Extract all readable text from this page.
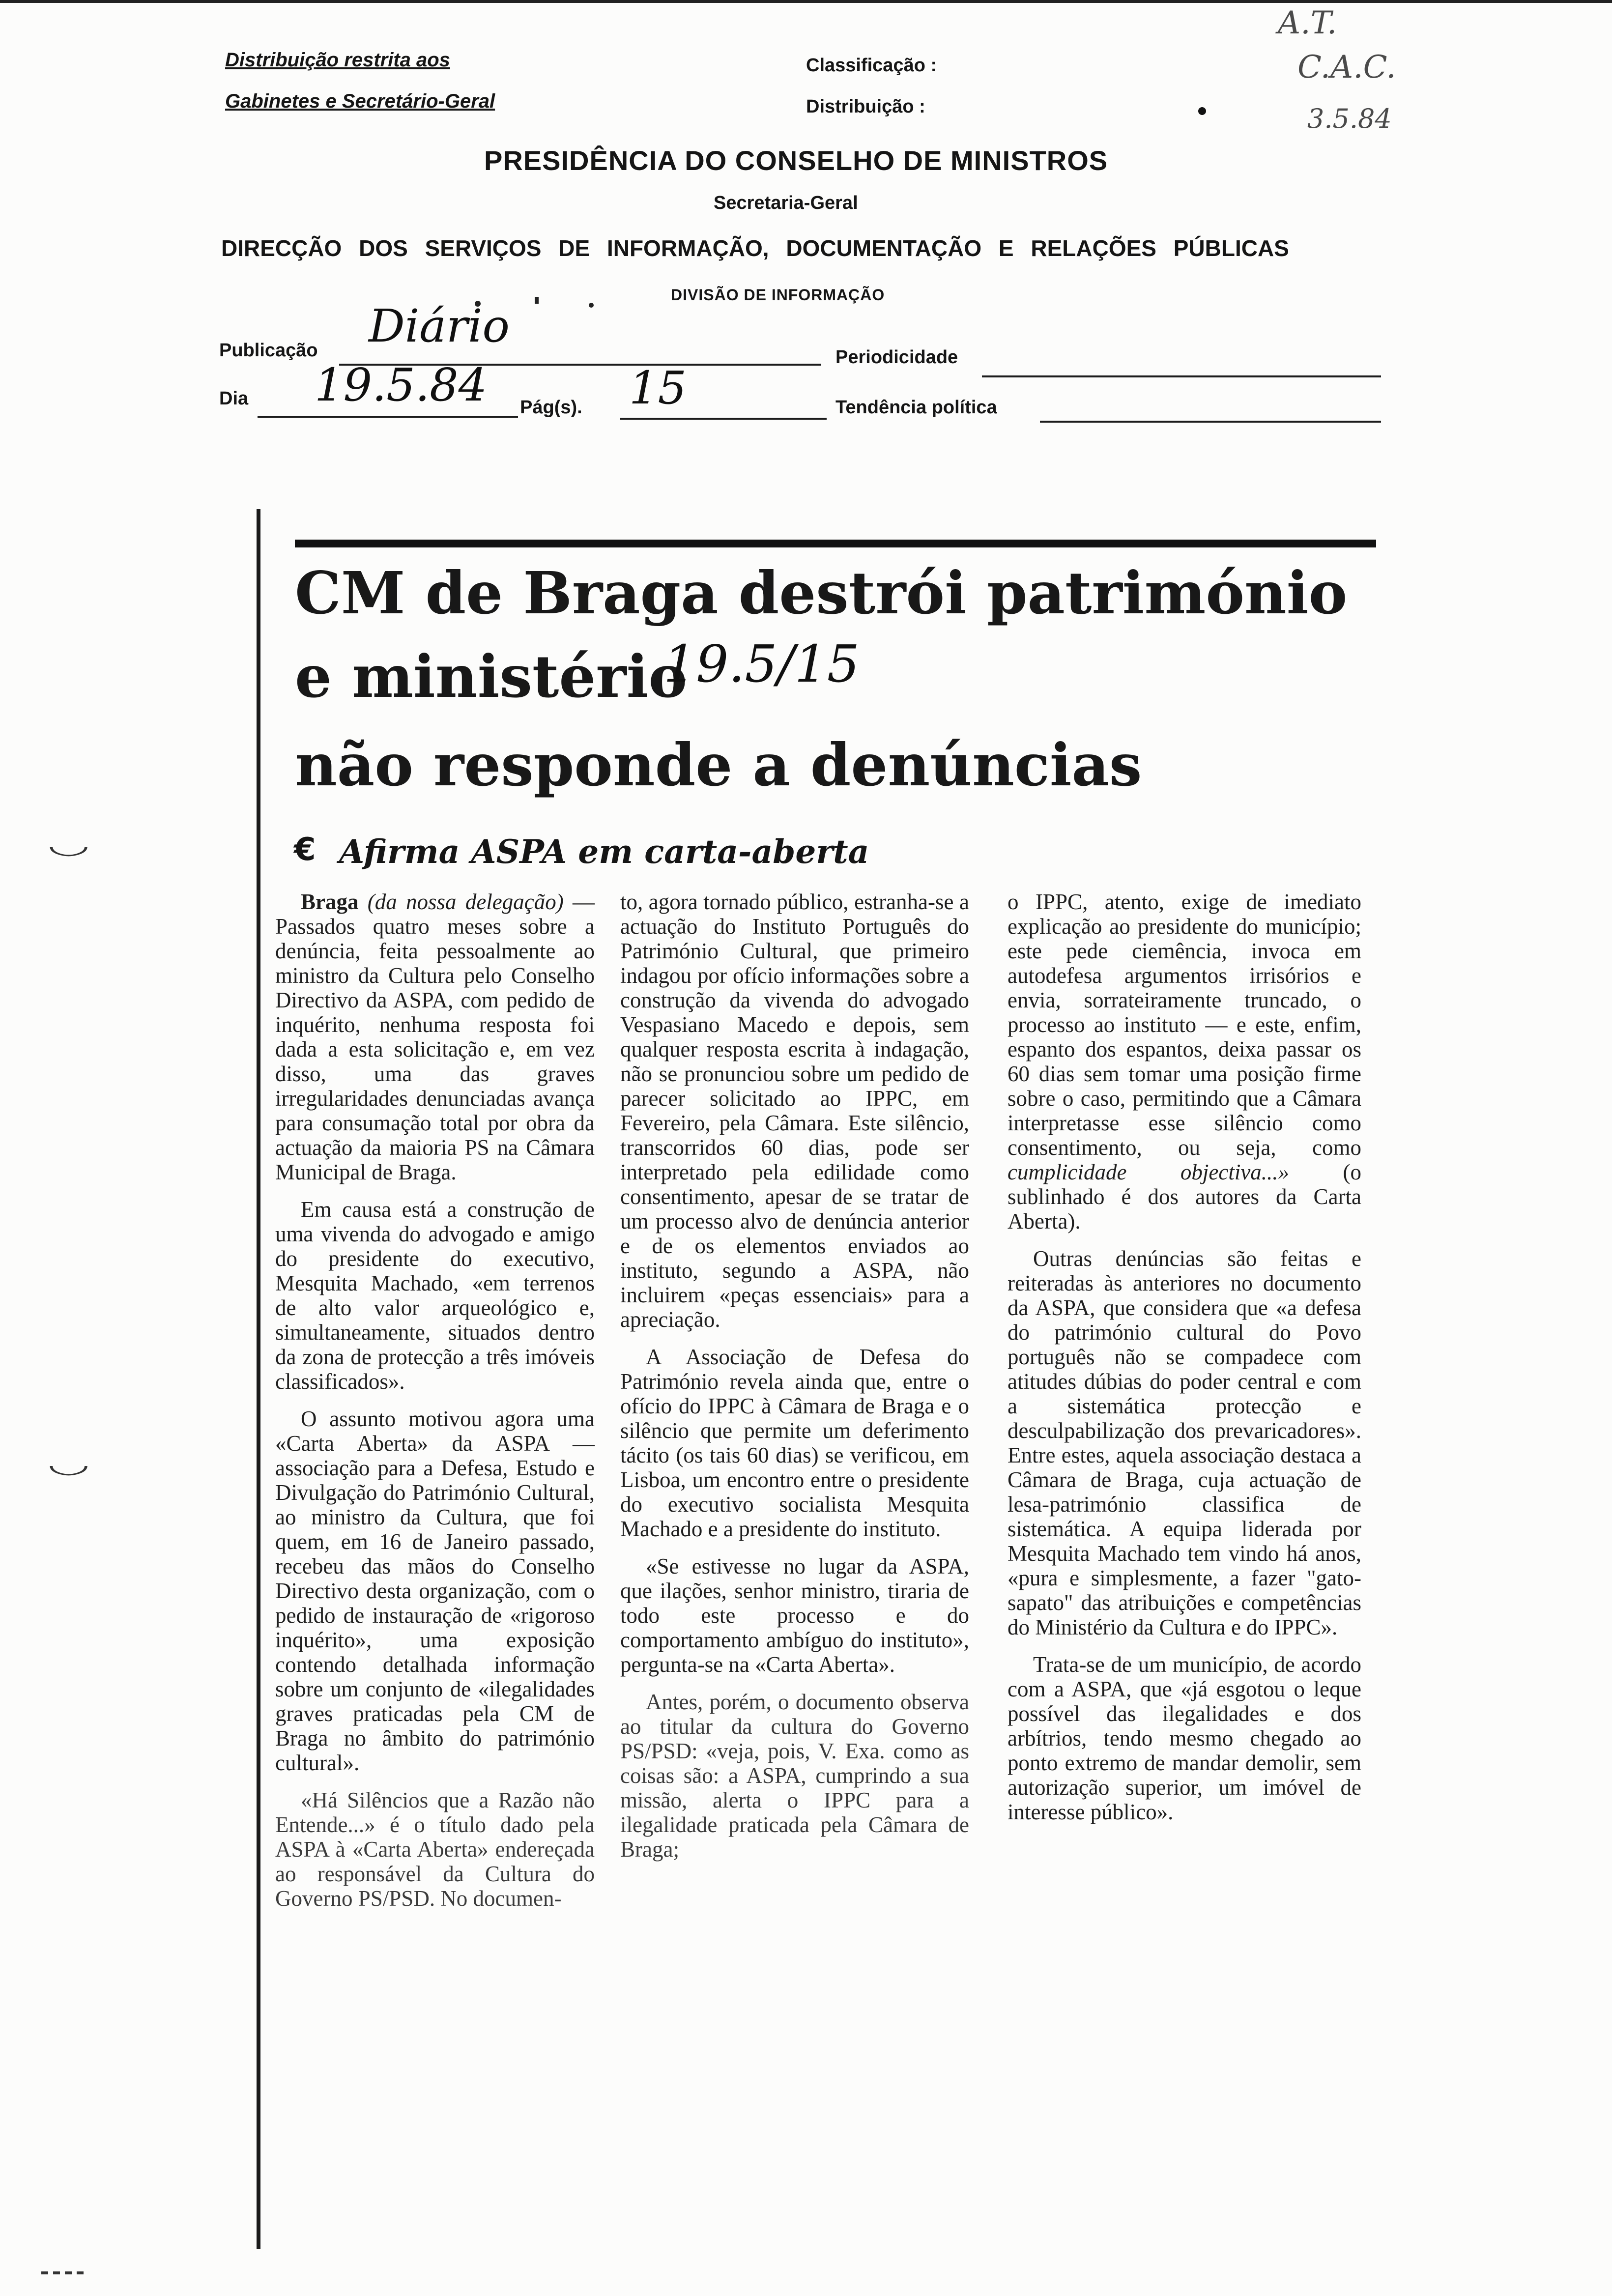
Distribuição restrita aos
Gabinetes e Secretário-Geral
Classificação :
Distribuição :
A.T.
C.A.C.
3.5.84
PRESIDÊNCIA DO CONSELHO DE MINISTROS
Secretaria-Geral
DIRECÇÃO DOS SERVIÇOS DE INFORMAÇÃO, DOCUMENTAÇÃO E RELAÇÕES PÚBLICAS
DIVISÃO DE INFORMAÇÃO
Publicação Diário
Periodicidade
Dia 19.5.84 Pág(s). 15	Tendência política
◡
◡
CM de Braga destrói património
e ministério
19.5/15
não responde a denúncias
€ Afirma ASPA em carta-aberta

Braga (da nossa delegação) — Passados quatro meses sobre a denúncia, feita pessoalmente ao ministro da Cultura pelo Conselho Directivo da ASPA, com pedido de inquérito, nenhuma resposta foi dada a esta solicitação e, em vez disso, uma das graves irregularidades denunciadas avança para consumação total por obra da actuação da maioria PS na Câmara Municipal de Braga.

Em causa está a construção de uma vivenda do advogado e amigo do presidente do executivo, Mesquita Machado, «em terrenos de alto valor arqueológico e, simultaneamente, situados dentro da zona de protecção a três imóveis classificados».

O assunto motivou agora uma «Carta Aberta» da ASPA —associação para a Defesa, Estudo e Divulgação do Património Cultural, ao ministro da Cultura, que foi quem, em 16 de Janeiro passado, recebeu das mãos do Conselho Directivo desta organização, com o pedido de instauração de «rigoroso inquérito», uma exposição contendo detalhada informação sobre um conjunto de «ilegalidades graves praticadas pela CM de Braga no âmbito do património cultural».

«Há Silêncios que a Razão não Entende...» é o título dado pela ASPA à «Carta Aberta» endereçada ao responsável da Cultura do Governo PS/PSD. No documen-

to, agora tornado público, estranha-se a actuação do Instituto Português do Património Cultural, que primeiro indagou por ofício informações sobre a construção da vivenda do advogado Vespasiano Macedo e depois, sem qualquer resposta escrita à indagação, não se pronunciou sobre um pedido de parecer solicitado ao IPPC, em Fevereiro, pela Câmara. Este silêncio, transcorridos 60 dias, pode ser interpretado pela edilidade como consentimento, apesar de se tratar de um processo alvo de denúncia anterior e de os elementos enviados ao instituto, segundo a ASPA, não incluirem «peças essenciais» para a apreciação.

A Associação de Defesa do Património revela ainda que, entre o ofício do IPPC à Câmara de Braga e o silêncio que permite um deferimento tácito (os tais 60 dias) se verificou, em Lisboa, um encontro entre o presidente do executivo socialista Mesquita Machado e a presidente do instituto.

«Se estivesse no lugar da ASPA, que ilações, senhor ministro, tiraria de todo este processo e do comportamento ambíguo do instituto», pergunta-se na «Carta Aberta».

Antes, porém, o documento observa ao titular da cultura do Governo PS/PSD: «veja, pois, V. Exa. como as coisas são: a ASPA, cumprindo a sua missão, alerta o IPPC para a ilegalidade praticada pela Câmara de Braga;

o IPPC, atento, exige de imediato explicação ao presidente do município; este pede ciemência, invoca em autodefesa argumentos irrisórios e envia, sorrateiramente truncado, o processo ao instituto — e este, enfim, espanto dos espantos, deixa passar os 60 dias sem tomar uma posição firme sobre o caso, permitindo que a Câmara interpretasse esse silêncio como consentimento, ou seja, como cumplicidade objectiva...» (o sublinhado é dos autores da Carta Aberta).

Outras denúncias são feitas e reiteradas às anteriores no documento da ASPA, que considera que «a defesa do património cultural do Povo português não se compadece com atitudes dúbias do poder central e com a sistemática protecção e desculpabilização dos prevaricadores». Entre estes, aquela associação destaca a Câmara de Braga, cuja actuação de lesa-património classifica de sistemática. A equipa liderada por Mesquita Machado tem vindo há anos, «pura e simplesmente, a fazer "gato-sapato" das atribuições e competências do Ministério da Cultura e do IPPC».

Trata-se de um município, de acordo com a ASPA, que «já esgotou o leque possível das ilegalidades e dos arbítrios, tendo mesmo chegado ao ponto extremo de mandar demolir, sem autorização superior, um imóvel de interesse público».
